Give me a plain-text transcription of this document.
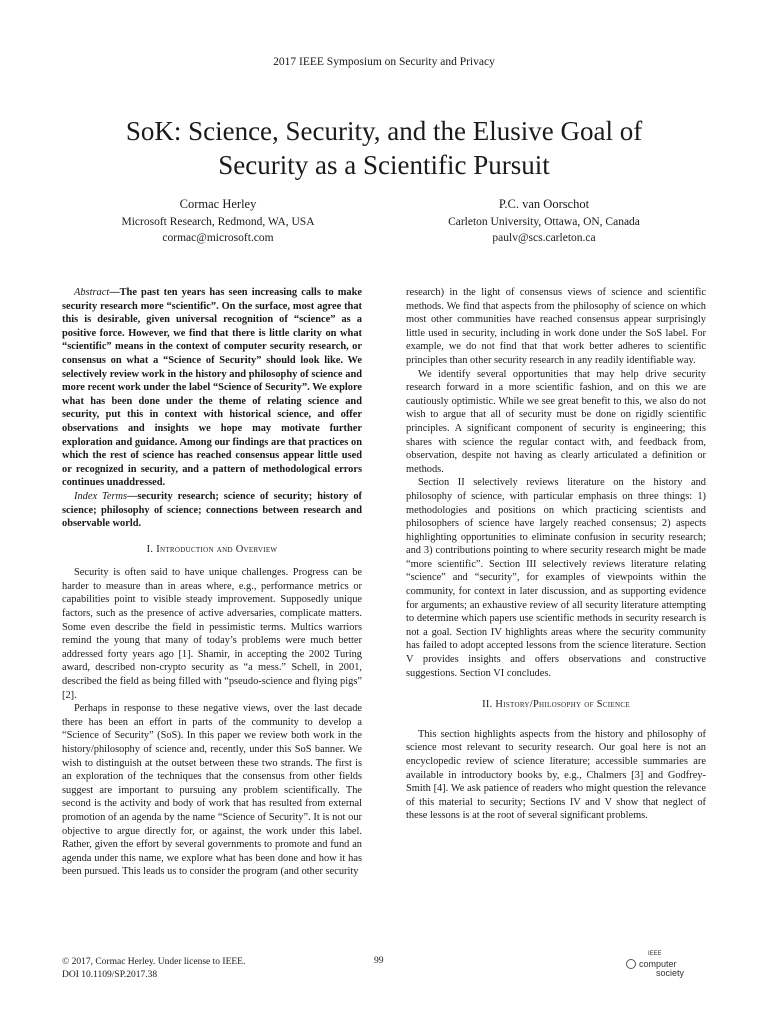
2017 IEEE Symposium on Security and Privacy
SoK: Science, Security, and the Elusive Goal of
Security as a Scientific Pursuit
Cormac Herley
Microsoft Research, Redmond, WA, USA
cormac@microsoft.com
P.C. van Oorschot
Carleton University, Ottawa, ON, Canada
paulv@scs.carleton.ca

Abstract—The past ten years has seen increasing calls to make security research more “scientific”. On the surface, most agree that this is desirable, given universal recognition of “science” as a positive force. However, we find that there is little clarity on what “scientific” means in the context of computer security research, or consensus on what a “Science of Security” should look like. We selectively review work in the history and philosophy of science and more recent work under the label “Science of Security”. We explore what has been done under the theme of relating science and security, put this in context with historical science, and offer observations and insights we hope may motivate further exploration and guidance. Among our findings are that practices on which the rest of science has reached consensus appear little used or recognized in security, and a pattern of methodological errors continues unaddressed.

Index Terms—security research; science of security; history of science; philosophy of science; connections between research and observable world.

I. Introduction and Overview

Security is often said to have unique challenges. Progress can be harder to measure than in areas where, e.g., performance metrics or capabilities point to visible steady improvement. Supposedly unique factors, such as the presence of active adversaries, complicate matters. Some even describe the field in pessimistic terms. Multics warriors remind the young that many of today’s problems were much better addressed forty years ago [1]. Shamir, in accepting the 2002 Turing award, described non-crypto security as “a mess.” Schell, in 2001, described the field as being filled with “pseudo-science and flying pigs” [2].

Perhaps in response to these negative views, over the last decade there has been an effort in parts of the community to develop a “Science of Security” (SoS). In this paper we review both work in the history/philosophy of science and, recently, under this SoS banner. We wish to distinguish at the outset between these two strands. The first is an exploration of the techniques that the consensus from other fields suggest are important to pursuing any problem scientifically. The second is the activity and body of work that has resulted from external promotion of an agenda by the name “Science of Security”. It is not our objective to argue directly for, or against, the work under this label. Rather, given the effort by several governments to promote and fund an agenda under this name, we explore what has been done and how it has been pursued. This leads us to consider the program (and other security

research) in the light of consensus views of science and scientific methods. We find that aspects from the philosophy of science on which most other communities have reached consensus appear surprisingly little used in security, including in work done under the SoS label. For example, we do not find that that work better adheres to scientific principles than other security research in any readily identifiable way.

We identify several opportunities that may help drive security research forward in a more scientific fashion, and on this we are cautiously optimistic. While we see great benefit to this, we also do not wish to argue that all of security must be done on rigidly scientific principles. A significant component of security is engineering; this shares with science the regular contact with, and feedback from, observation, despite not having as clearly articulated a definition or methods.

Section II selectively reviews literature on the history and philosophy of science, with particular emphasis on three things: 1) methodologies and positions on which practicing scientists and philosophers of science have largely reached consensus; 2) aspects highlighting opportunities to eliminate confusion in security research; and 3) contributions pointing to where security research might be made “more scientific”. Section III selectively reviews literature relating “science” and “security”, for examples of viewpoints within the community, for context in later discussion, and as supporting evidence for arguments; an exhaustive review of all security literature attempting to determine which papers use scientific methods in security research is not a goal. Section IV highlights areas where the security community has failed to adopt accepted lessons from the science literature. Section V provides insights and offers observations and constructive suggestions. Section VI concludes.

II. History/Philosophy of Science

This section highlights aspects from the history and philosophy of science most relevant to security research. Our goal here is not an encyclopedic review of science literature; accessible summaries are available in introductory books by, e.g., Chalmers [3] and Godfrey-Smith [4]. We ask patience of readers who might question the relevance of this material to security; Sections IV and V show that neglect of these lessons is at the root of several significant problems.

© 2017, Cormac Herley. Under license to IEEE.
DOI 10.1109/SP.2017.38
99
IEEE
computer
society
